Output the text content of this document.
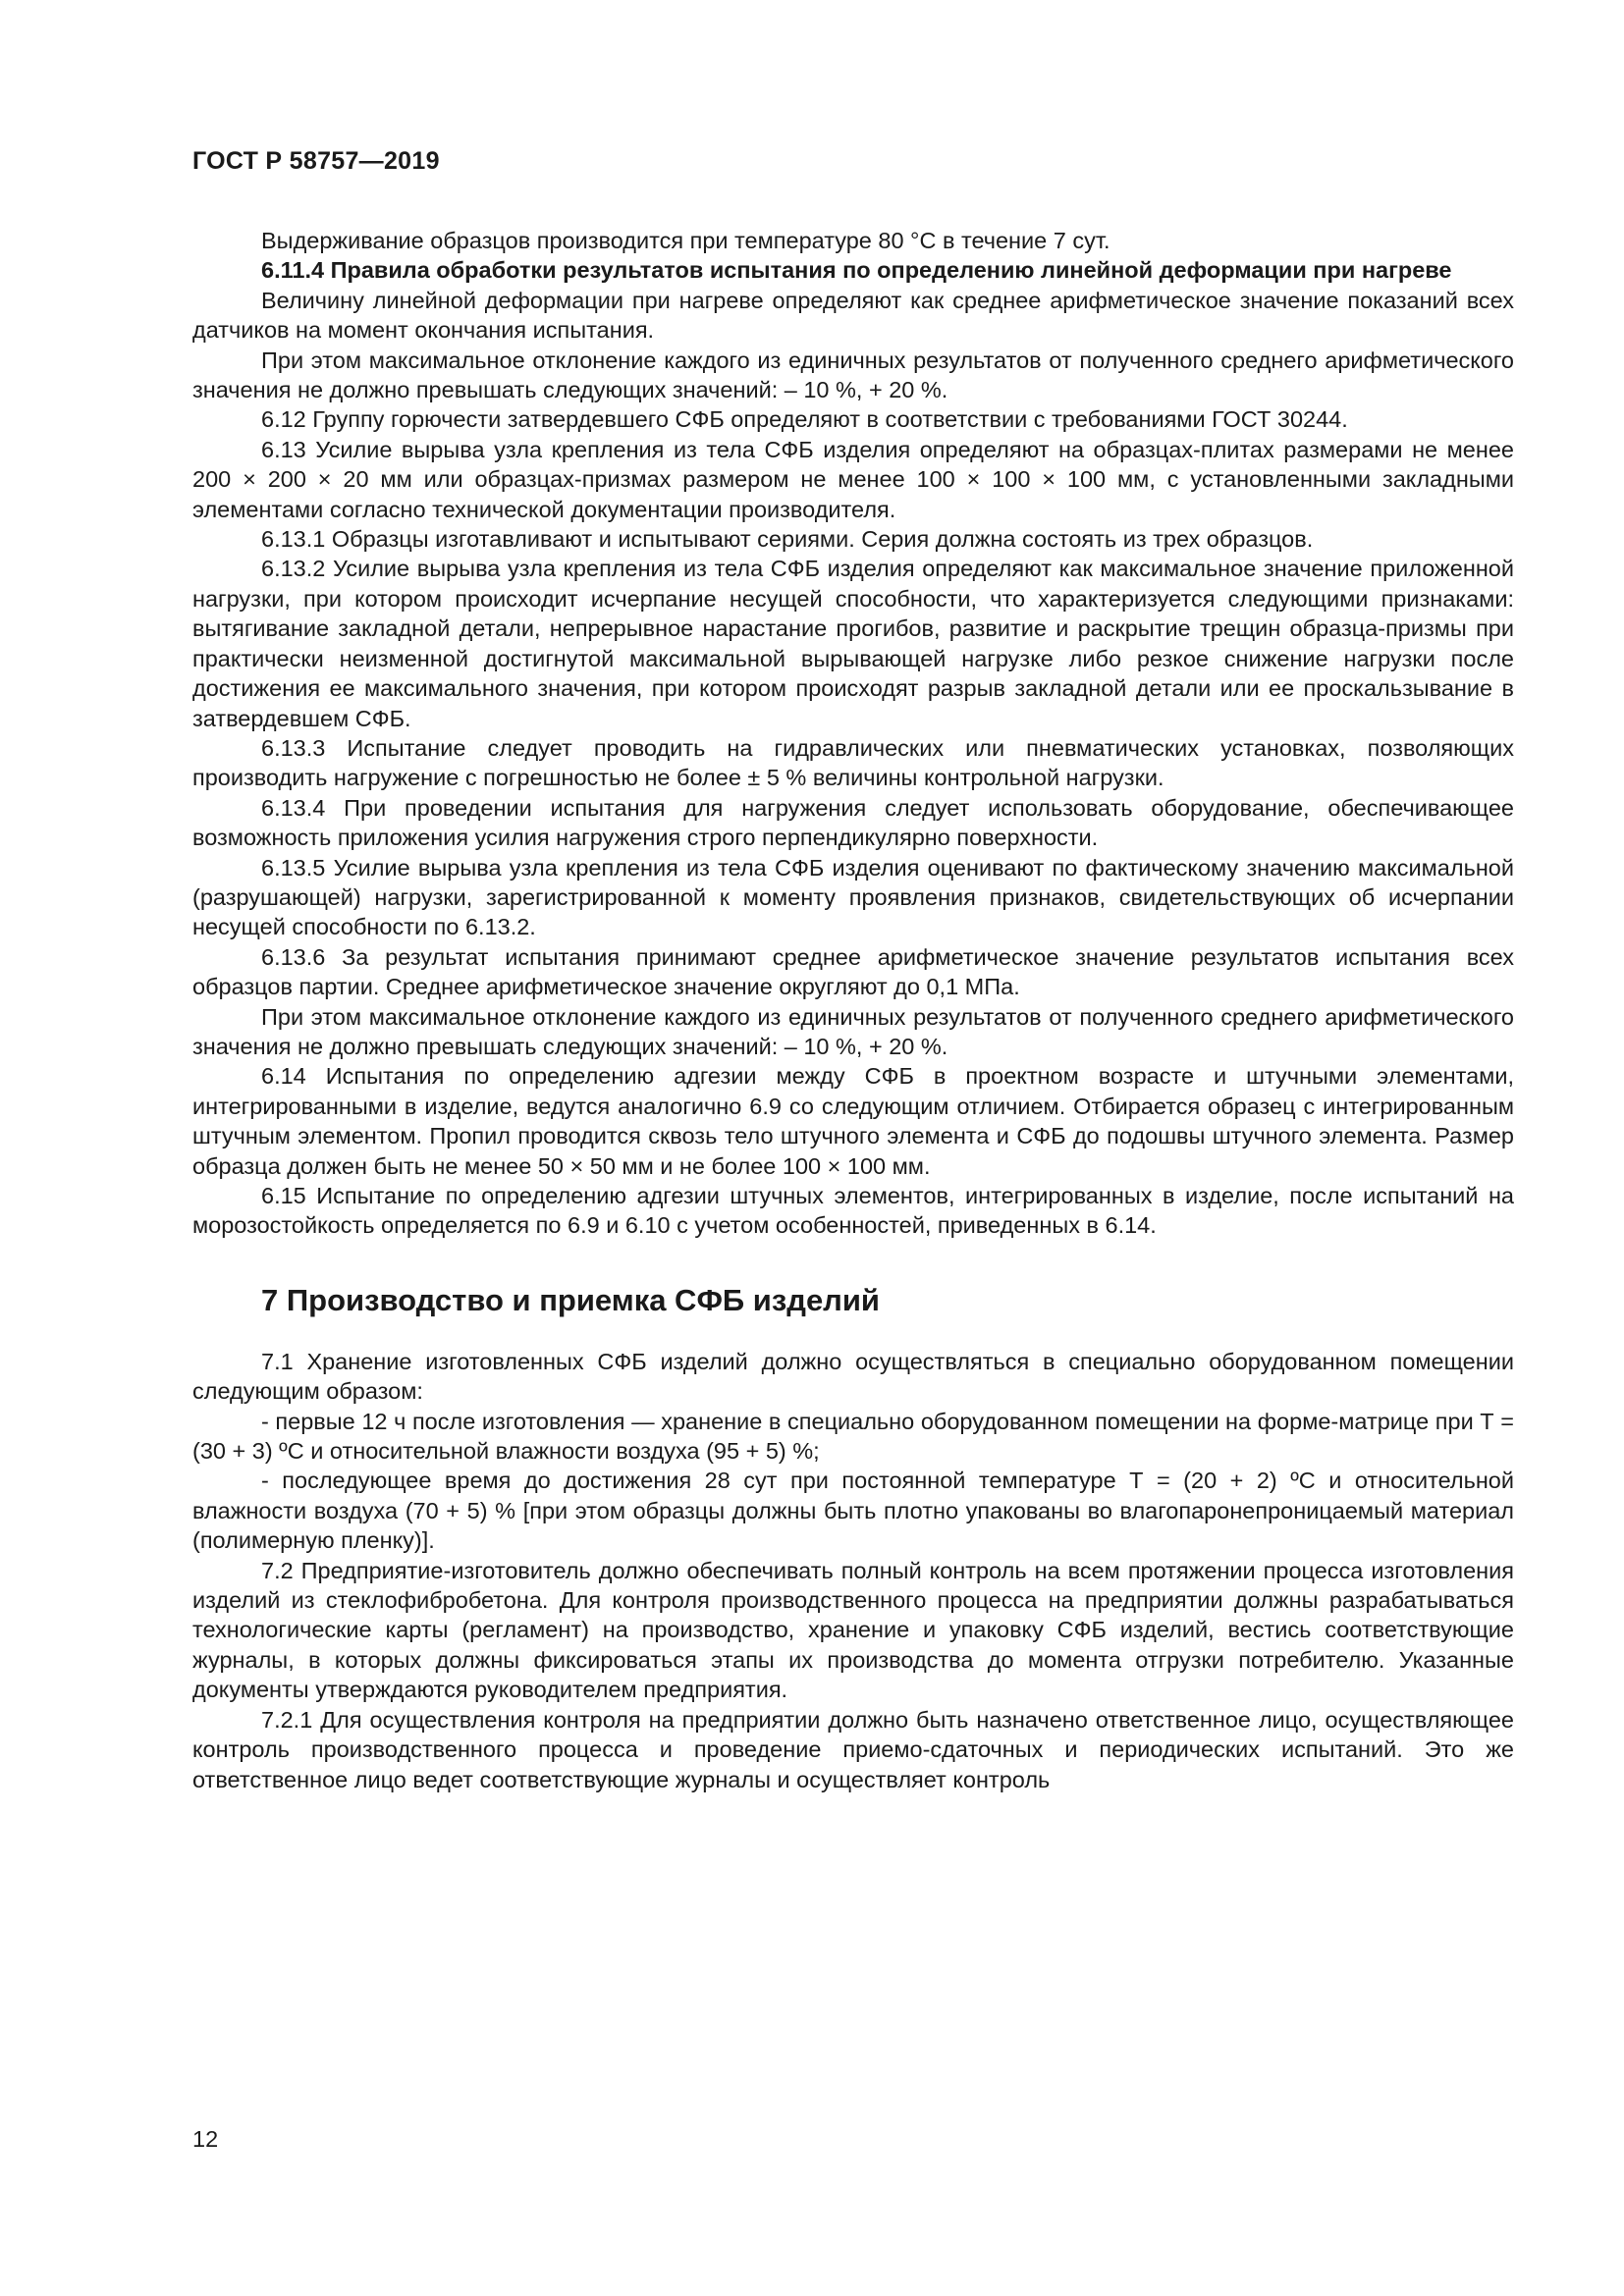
ГОСТ Р 58757—2019

Выдерживание образцов производится при температуре 80 °С в течение 7 сут.

6.11.4 Правила обработки результатов испытания по определению линейной деформации при нагреве

Величину линейной деформации при нагреве определяют как среднее арифметическое значение показаний всех датчиков на момент окончания испытания.

При этом максимальное отклонение каждого из единичных результатов от полученного среднего арифметического значения не должно превышать следующих значений: – 10 %, + 20 %.

6.12 Группу горючести затвердевшего СФБ определяют в соответствии с требованиями ГОСТ 30244.

6.13 Усилие вырыва узла крепления из тела СФБ изделия определяют на образцах-плитах размерами не менее 200 × 200 × 20 мм или образцах-призмах размером не менее 100 × 100 × 100 мм, с установленными закладными элементами согласно технической документации производителя.

6.13.1 Образцы изготавливают и испытывают сериями. Серия должна состоять из трех образцов.

6.13.2 Усилие вырыва узла крепления из тела СФБ изделия определяют как максимальное значение приложенной нагрузки, при котором происходит исчерпание несущей способности, что характеризуется следующими признаками: вытягивание закладной детали, непрерывное нарастание прогибов, развитие и раскрытие трещин образца-призмы при практически неизменной достигнутой максимальной вырывающей нагрузке либо резкое снижение нагрузки после достижения ее максимального значения, при котором происходят разрыв закладной детали или ее проскальзывание в затвердевшем СФБ.

6.13.3 Испытание следует проводить на гидравлических или пневматических установках, позволяющих производить нагружение с погрешностью не более ± 5 % величины контрольной нагрузки.

6.13.4 При проведении испытания для нагружения следует использовать оборудование, обеспечивающее возможность приложения усилия нагружения строго перпендикулярно поверхности.

6.13.5 Усилие вырыва узла крепления из тела СФБ изделия оценивают по фактическому значению максимальной (разрушающей) нагрузки, зарегистрированной к моменту проявления признаков, свидетельствующих об исчерпании несущей способности по 6.13.2.

6.13.6 За результат испытания принимают среднее арифметическое значение результатов испытания всех образцов партии. Среднее арифметическое значение округляют до 0,1 МПа.

При этом максимальное отклонение каждого из единичных результатов от полученного среднего арифметического значения не должно превышать следующих значений: – 10 %, + 20 %.

6.14 Испытания по определению адгезии между СФБ в проектном возрасте и штучными элементами, интегрированными в изделие, ведутся аналогично 6.9 со следующим отличием. Отбирается образец с интегрированным штучным элементом. Пропил проводится сквозь тело штучного элемента и СФБ до подошвы штучного элемента. Размер образца должен быть не менее 50 × 50 мм и не более 100 × 100 мм.

6.15 Испытание по определению адгезии штучных элементов, интегрированных в изделие, после испытаний на морозостойкость определяется по 6.9 и 6.10 с учетом особенностей, приведенных в 6.14.

7 Производство и приемка СФБ изделий

7.1 Хранение изготовленных СФБ изделий должно осуществляться в специально оборудованном помещении следующим образом:

- первые 12 ч после изготовления — хранение в специально оборудованном помещении на форме-матрице при Т = (30 + 3) ºС и относительной влажности воздуха (95 + 5) %;

- последующее время до достижения 28 сут при постоянной температуре Т = (20 + 2) ºС и относительной влажности воздуха (70 + 5) % [при этом образцы должны быть плотно упакованы во влагопаронепроницаемый материал (полимерную пленку)].

7.2 Предприятие-изготовитель должно обеспечивать полный контроль на всем протяжении процесса изготовления изделий из стеклофибробетона. Для контроля производственного процесса на предприятии должны разрабатываться технологические карты (регламент) на производство, хранение и упаковку СФБ изделий, вестись соответствующие журналы, в которых должны фиксироваться этапы их производства до момента отгрузки потребителю. Указанные документы утверждаются руководителем предприятия.

7.2.1 Для осуществления контроля на предприятии должно быть назначено ответственное лицо, осуществляющее контроль производственного процесса и проведение приемо-сдаточных и периодических испытаний. Это же ответственное лицо ведет соответствующие журналы и осуществляет контроль

12
